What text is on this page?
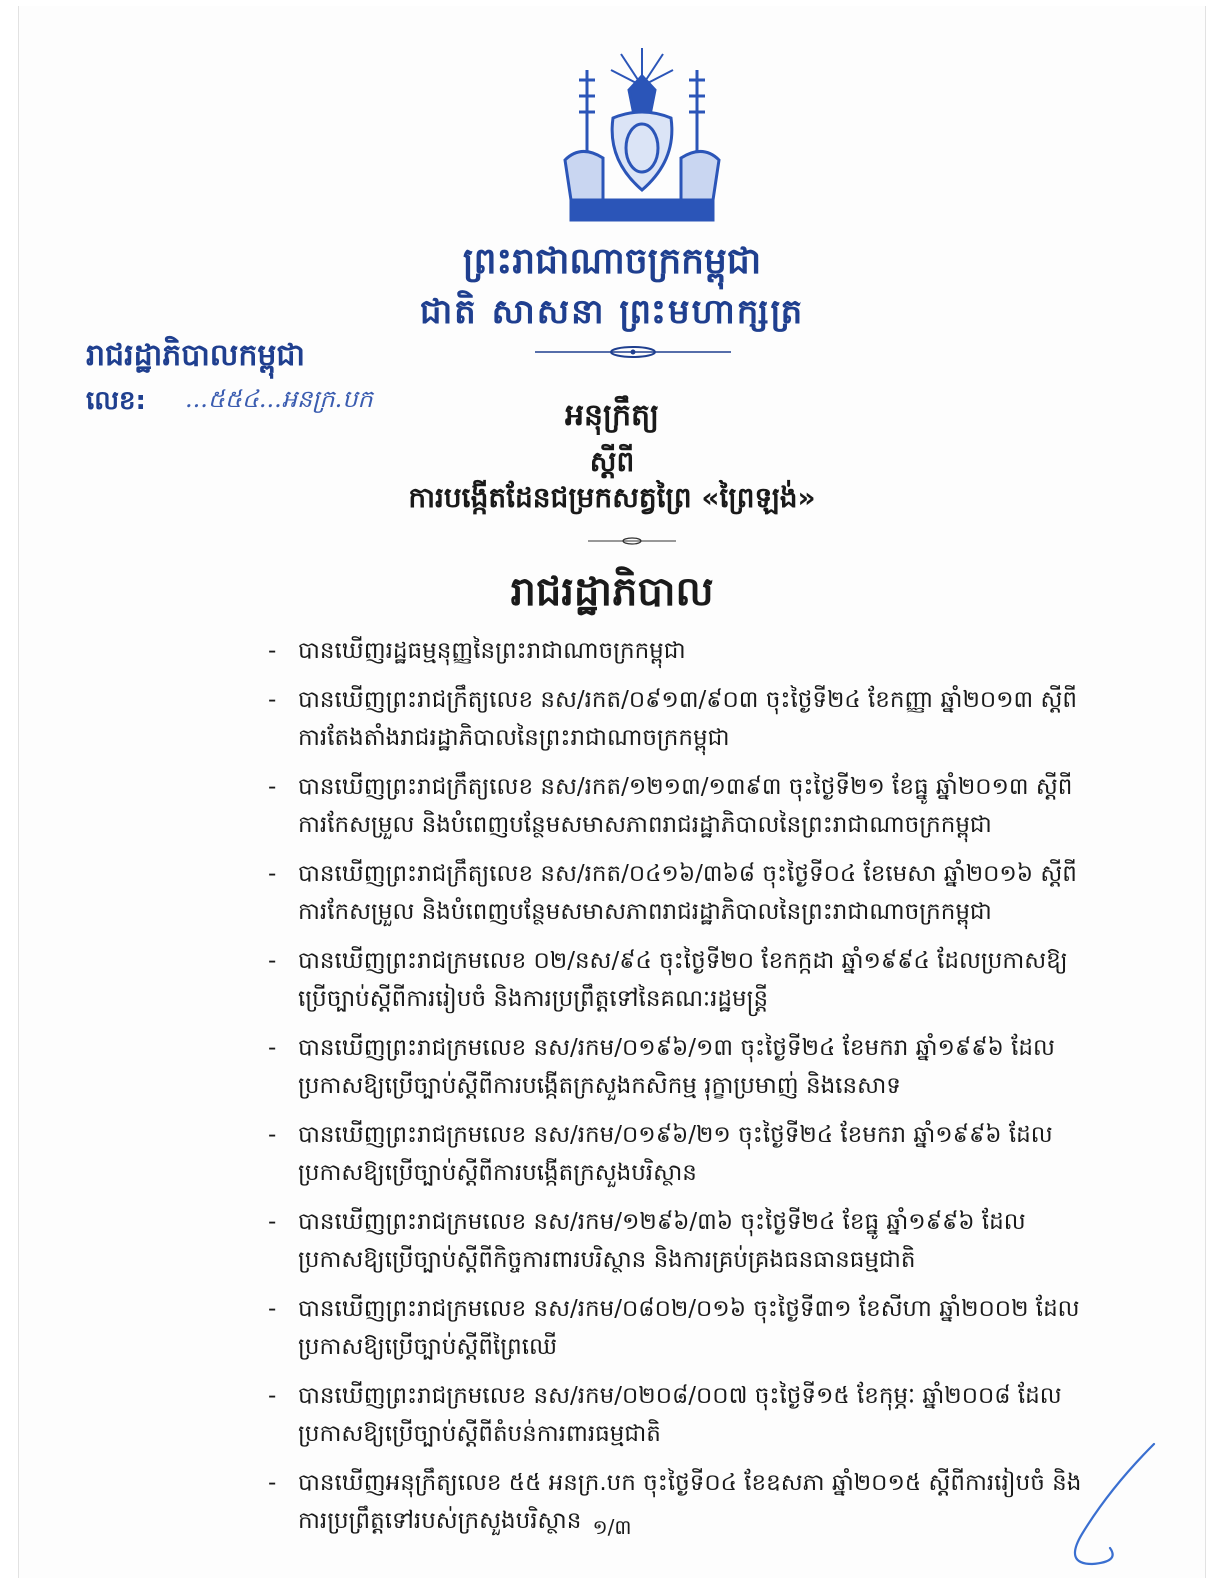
ព្រះរាជាណាចក្រកម្ពុជា
ជាតិ សាសនា ព្រះមហាក្សត្រ
រាជរដ្ឋាភិបាលកម្ពុជា
លេខ: ...៥៥៤...អនក្រ.បក	អនុក្រឹត្យ
ស្តីពី
ការបង្កើតដែនជម្រកសត្វព្រៃ «ព្រៃឡង់»
រាជរដ្ឋាភិបាល
- បានឃើញរដ្ឋធម្មនុញ្ញនៃព្រះរាជាណាចក្រកម្ពុជា
- បានឃើញព្រះរាជក្រឹត្យលេខ នស/រកត/០៩១៣/៩០៣ ចុះថ្ងៃទី២៤ ខែកញ្ញា ឆ្នាំ២០១៣ ស្តីពីការតែងតាំងរាជរដ្ឋាភិបាលនៃព្រះរាជាណាចក្រកម្ពុជា
- បានឃើញព្រះរាជក្រឹត្យលេខ នស/រកត/១២១៣/១៣៩៣ ចុះថ្ងៃទី២១ ខែធ្នូ ឆ្នាំ២០១៣ ស្តីពីការកែសម្រួល និងបំពេញបន្ថែមសមាសភាពរាជរដ្ឋាភិបាលនៃព្រះរាជាណាចក្រកម្ពុជា
- បានឃើញព្រះរាជក្រឹត្យលេខ នស/រកត/០៤១៦/៣៦៨ ចុះថ្ងៃទី០៤ ខែមេសា ឆ្នាំ២០១៦ ស្តីពីការកែសម្រួល និងបំពេញបន្ថែមសមាសភាពរាជរដ្ឋាភិបាលនៃព្រះរាជាណាចក្រកម្ពុជា
- បានឃើញព្រះរាជក្រមលេខ ០២/នស/៩៤ ចុះថ្ងៃទី២០ ខែកក្កដា ឆ្នាំ១៩៩៤ ដែលប្រកាសឱ្យប្រើច្បាប់ស្តីពីការរៀបចំ និងការប្រព្រឹត្តទៅនៃគណៈរដ្ឋមន្ត្រី
- បានឃើញព្រះរាជក្រមលេខ នស/រកម/០១៩៦/១៣ ចុះថ្ងៃទី២៤ ខែមករា ឆ្នាំ១៩៩៦ ដែលប្រកាសឱ្យប្រើច្បាប់ស្តីពីការបង្កើតក្រសួងកសិកម្ម រុក្ខាប្រមាញ់ និងនេសាទ
- បានឃើញព្រះរាជក្រមលេខ នស/រកម/០១៩៦/២១ ចុះថ្ងៃទី២៤ ខែមករា ឆ្នាំ១៩៩៦ ដែលប្រកាសឱ្យប្រើច្បាប់ស្តីពីការបង្កើតក្រសួងបរិស្ថាន
- បានឃើញព្រះរាជក្រមលេខ នស/រកម/១២៩៦/៣៦ ចុះថ្ងៃទី២៤ ខែធ្នូ ឆ្នាំ១៩៩៦ ដែលប្រកាសឱ្យប្រើច្បាប់ស្តីពីកិច្ចការពារបរិស្ថាន និងការគ្រប់គ្រងធនធានធម្មជាតិ
- បានឃើញព្រះរាជក្រមលេខ នស/រកម/០៨០២/០១៦ ចុះថ្ងៃទី៣១ ខែសីហា ឆ្នាំ២០០២ ដែលប្រកាសឱ្យប្រើច្បាប់ស្តីពីព្រៃឈើ
- បានឃើញព្រះរាជក្រមលេខ នស/រកម/០២០៨/០០៧ ចុះថ្ងៃទី១៥ ខែកុម្ភៈ ឆ្នាំ២០០៨ ដែលប្រកាសឱ្យប្រើច្បាប់ស្តីពីតំបន់ការពារធម្មជាតិ
- បានឃើញអនុក្រឹត្យលេខ ៥៥ អនក្រ.បក ចុះថ្ងៃទី០៤ ខែឧសភា ឆ្នាំ២០១៥ ស្តីពីការរៀបចំ និងការប្រព្រឹត្តទៅរបស់ក្រសួងបរិស្ថាន ១/៣
